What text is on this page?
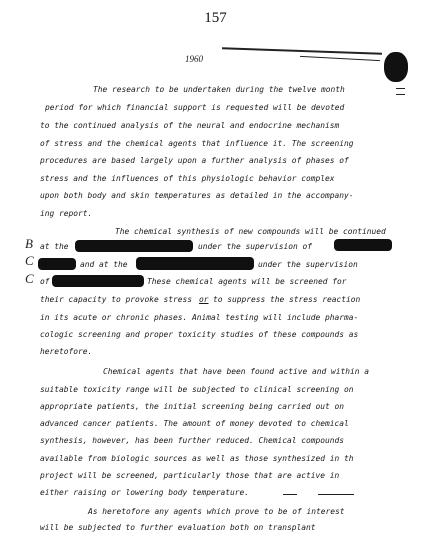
157
1960
The research to be undertaken during the twelve month
period for which financial support is requested will be devoted
to the continued analysis of the neural and endocrine mechanism
of stress and the chemical agents that influence it. The screening
procedures are based largely upon a further analysis of phases of
stress and the influences of this physiologic behavior complex
upon both body and skin temperatures as detailed in the accompany-
ing report.
The chemical synthesis of new compounds will be continued
B at the	under the supervision of
C	and at the	under the supervision
C of	These chemical agents will be screened for
their capacity to provoke stress or to suppress the stress reaction
in its acute or chronic phases. Animal testing will include pharma-
cologic screening and proper toxicity studies of these compounds as
heretofore.
Chemical agents that have been found active and within a
suitable toxicity range will be subjected to clinical screening on
appropriate patients, the initial screening being carried out on
advanced cancer patients. The amount of money devoted to chemical
synthesis, however, has been further reduced. Chemical compounds
available from biologic sources as well as those synthesized in th
project will be screened, particularly those that are active in
either raising or lowering body temperature.
As heretofore any agents which prove to be of interest
will be subjected to further evaluation both on transplant
